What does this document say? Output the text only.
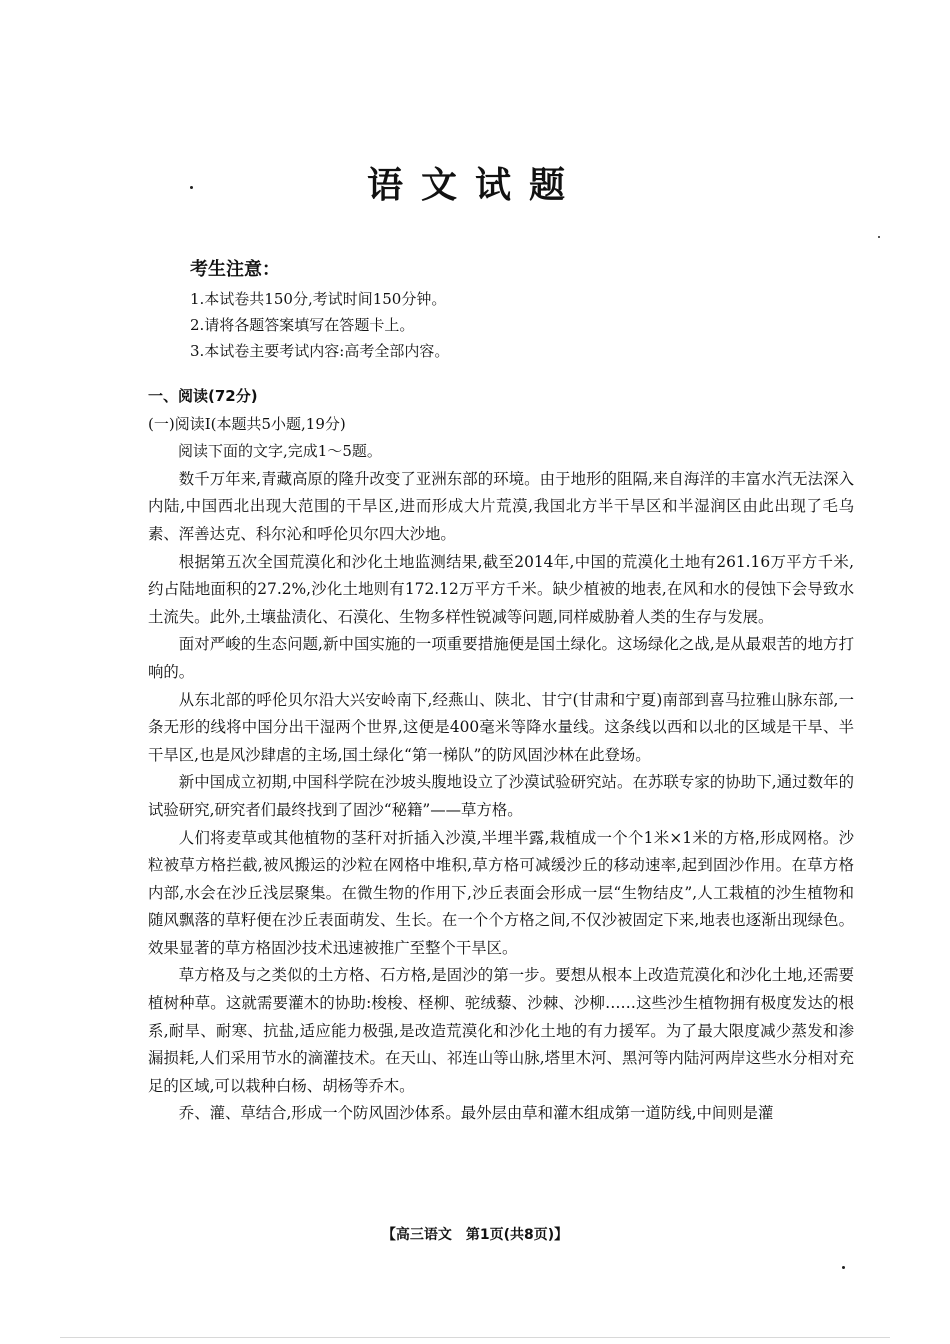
语文试题
考生注意：
1.本试卷共150分,考试时间150分钟。
2.请将各题答案填写在答题卡上。
3.本试卷主要考试内容:高考全部内容。

一、阅读(72分)

(一)阅读Ⅰ(本题共5小题,19分)

阅读下面的文字,完成1～5题。

数千万年来,青藏高原的隆升改变了亚洲东部的环境。由于地形的阻隔,来自海洋的丰富水汽无法深入内陆,中国西北出现大范围的干旱区,进而形成大片荒漠,我国北方半干旱区和半湿润区由此出现了毛乌素、浑善达克、科尔沁和呼伦贝尔四大沙地。

根据第五次全国荒漠化和沙化土地监测结果,截至2014年,中国的荒漠化土地有261.16万平方千米,约占陆地面积的27.2%,沙化土地则有172.12万平方千米。缺少植被的地表,在风和水的侵蚀下会导致水土流失。此外,土壤盐渍化、石漠化、生物多样性锐减等问题,同样威胁着人类的生存与发展。

面对严峻的生态问题,新中国实施的一项重要措施便是国土绿化。这场绿化之战,是从最艰苦的地方打响的。

从东北部的呼伦贝尔沿大兴安岭南下,经燕山、陕北、甘宁(甘肃和宁夏)南部到喜马拉雅山脉东部,一条无形的线将中国分出干湿两个世界,这便是400毫米等降水量线。这条线以西和以北的区域是干旱、半干旱区,也是风沙肆虐的主场,国土绿化“第一梯队”的防风固沙林在此登场。

新中国成立初期,中国科学院在沙坡头腹地设立了沙漠试验研究站。在苏联专家的协助下,通过数年的试验研究,研究者们最终找到了固沙“秘籍”——草方格。

人们将麦草或其他植物的茎秆对折插入沙漠,半埋半露,栽植成一个个1米×1米的方格,形成网格。沙粒被草方格拦截,被风搬运的沙粒在网格中堆积,草方格可减缓沙丘的移动速率,起到固沙作用。在草方格内部,水会在沙丘浅层聚集。在微生物的作用下,沙丘表面会形成一层“生物结皮”,人工栽植的沙生植物和随风飘落的草籽便在沙丘表面萌发、生长。在一个个方格之间,不仅沙被固定下来,地表也逐渐出现绿色。效果显著的草方格固沙技术迅速被推广至整个干旱区。

草方格及与之类似的土方格、石方格,是固沙的第一步。要想从根本上改造荒漠化和沙化土地,还需要植树种草。这就需要灌木的协助:梭梭、柽柳、驼绒藜、沙棘、沙柳……这些沙生植物拥有极度发达的根系,耐旱、耐寒、抗盐,适应能力极强,是改造荒漠化和沙化土地的有力援军。为了最大限度减少蒸发和渗漏损耗,人们采用节水的滴灌技术。在天山、祁连山等山脉,塔里木河、黑河等内陆河两岸这些水分相对充足的区域,可以栽种白杨、胡杨等乔木。

乔、灌、草结合,形成一个防风固沙体系。最外层由草和灌木组成第一道防线,中间则是灌

【高三语文　第1页(共8页)】
